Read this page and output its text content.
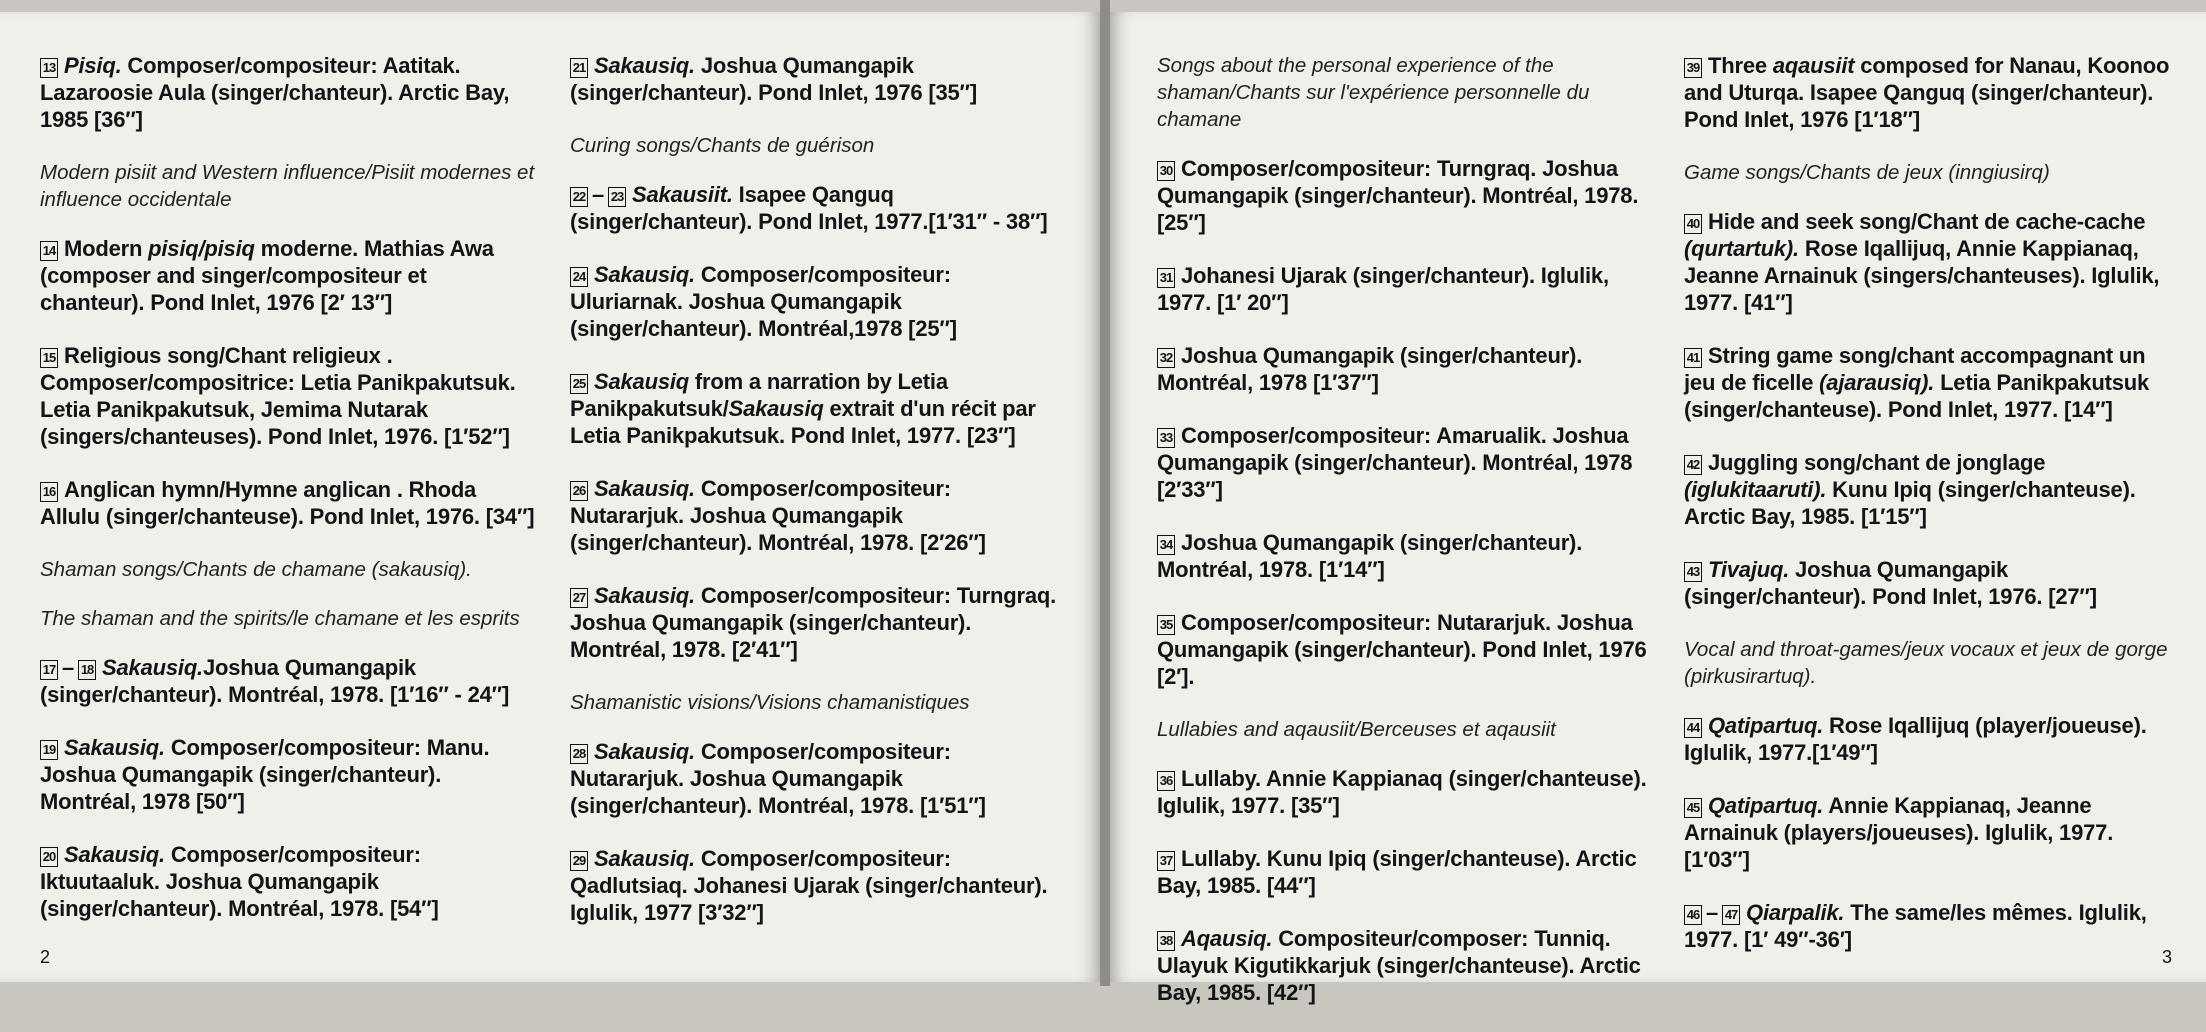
13 Pisiq. Composer/compositeur: Aatitak. Lazaroosie Aula (singer/chanteur). Arctic Bay, 1985 [36″]
Modern pisiit and Western influence/Pisiit modernes et influence occidentale
14 Modern pisiq/pisiq moderne. Mathias Awa (composer and singer/compositeur et chanteur). Pond Inlet, 1976 [2′ 13″]
15 Religious song/Chant religieux . Composer/compositrice: Letia Panikpakutsuk. Letia Panikpakutsuk, Jemima Nutarak (singers/chanteuses). Pond Inlet, 1976. [1′52″]
16 Anglican hymn/Hymne anglican . Rhoda Allulu (singer/chanteuse). Pond Inlet, 1976. [34″]
Shaman songs/Chants de chamane (sakausiq).
The shaman and the spirits/le chamane et les esprits
17 – 18 Sakausiq.Joshua Qumangapik (singer/chanteur). Montréal, 1978. [1′16″ - 24″]
19 Sakausiq. Composer/compositeur: Manu. Joshua Qumangapik (singer/chanteur). Montréal, 1978 [50″]
20 Sakausiq. Composer/compositeur: Iktuutaaluk. Joshua Qumangapik (singer/chanteur). Montréal, 1978. [54″]
21 Sakausiq. Joshua Qumangapik (singer/chanteur). Pond Inlet, 1976 [35″]
Curing songs/Chants de guérison
22 – 23 Sakausiit. Isapee Qanguq (singer/chanteur). Pond Inlet, 1977.[1′31″ - 38″]
24 Sakausiq. Composer/compositeur: Uluriarnak. Joshua Qumangapik (singer/chanteur). Montréal,1978 [25″]
25 Sakausiq from a narration by Letia Panikpakutsuk/Sakausiq extrait d'un récit par Letia Panikpakutsuk. Pond Inlet, 1977. [23″]
26 Sakausiq. Composer/compositeur: Nutararjuk. Joshua Qumangapik (singer/chanteur). Montréal, 1978. [2′26″]
27 Sakausiq. Composer/compositeur: Turngraq. Joshua Qumangapik (singer/chanteur). Montréal, 1978. [2′41″]
Shamanistic visions/Visions chamanistiques
28 Sakausiq. Composer/compositeur: Nutararjuk. Joshua Qumangapik (singer/chanteur). Montréal, 1978. [1′51″]
29 Sakausiq. Composer/compositeur: Qadlutsiaq. Johanesi Ujarak (singer/chanteur). Iglulik, 1977 [3′32″]
2
Songs about the personal experience of the shaman/Chants sur l'expérience personnelle du chamane
30 Composer/compositeur: Turngraq. Joshua Qumangapik (singer/chanteur). Montréal, 1978. [25″]
31 Johanesi Ujarak (singer/chanteur). Iglulik, 1977. [1′ 20″]
32 Joshua Qumangapik (singer/chanteur). Montréal, 1978 [1′37″]
33 Composer/compositeur: Amarualik. Joshua Qumangapik (singer/chanteur). Montréal, 1978 [2′33″]
34 Joshua Qumangapik (singer/chanteur). Montréal, 1978. [1′14″]
35 Composer/compositeur: Nutararjuk. Joshua Qumangapik (singer/chanteur). Pond Inlet, 1976 [2′].
Lullabies and aqausiit/Berceuses et aqausiit
36 Lullaby. Annie Kappianaq (singer/chanteuse). Iglulik, 1977. [35″]
37 Lullaby. Kunu Ipiq (singer/chanteuse). Arctic Bay, 1985. [44″]
38 Aqausiq. Compositeur/composer: Tunniq. Ulayuk Kigutikkarjuk (singer/chanteuse). Arctic Bay, 1985. [42″]
39 Three aqausiit composed for Nanau, Koonoo and Uturqa. Isapee Qanguq (singer/chanteur). Pond Inlet, 1976 [1′18″]
Game songs/Chants de jeux (inngiusirq)
40 Hide and seek song/Chant de cache-cache (qurtartuk). Rose Iqallijuq, Annie Kappianaq, Jeanne Arnainuk (singers/chanteuses). Iglulik, 1977. [41″]
41 String game song/chant accompagnant un jeu de ficelle (ajarausiq). Letia Panikpakutsuk (singer/chanteuse). Pond Inlet, 1977. [14″]
42 Juggling song/chant de jonglage (iglukitaaruti). Kunu Ipiq (singer/chanteuse). Arctic Bay, 1985. [1′15″]
43 Tivajuq. Joshua Qumangapik (singer/chanteur). Pond Inlet, 1976. [27″]
Vocal and throat-games/jeux vocaux et jeux de gorge (pirkusirartuq).
44 Qatipartuq. Rose Iqallijuq (player/joueuse). Iglulik, 1977.[1′49″]
45 Qatipartuq. Annie Kappianaq, Jeanne Arnainuk (players/joueuses). Iglulik, 1977. [1′03″]
46 – 47 Qiarpalik. The same/les mêmes. Iglulik, 1977. [1′ 49″-36′]
3
